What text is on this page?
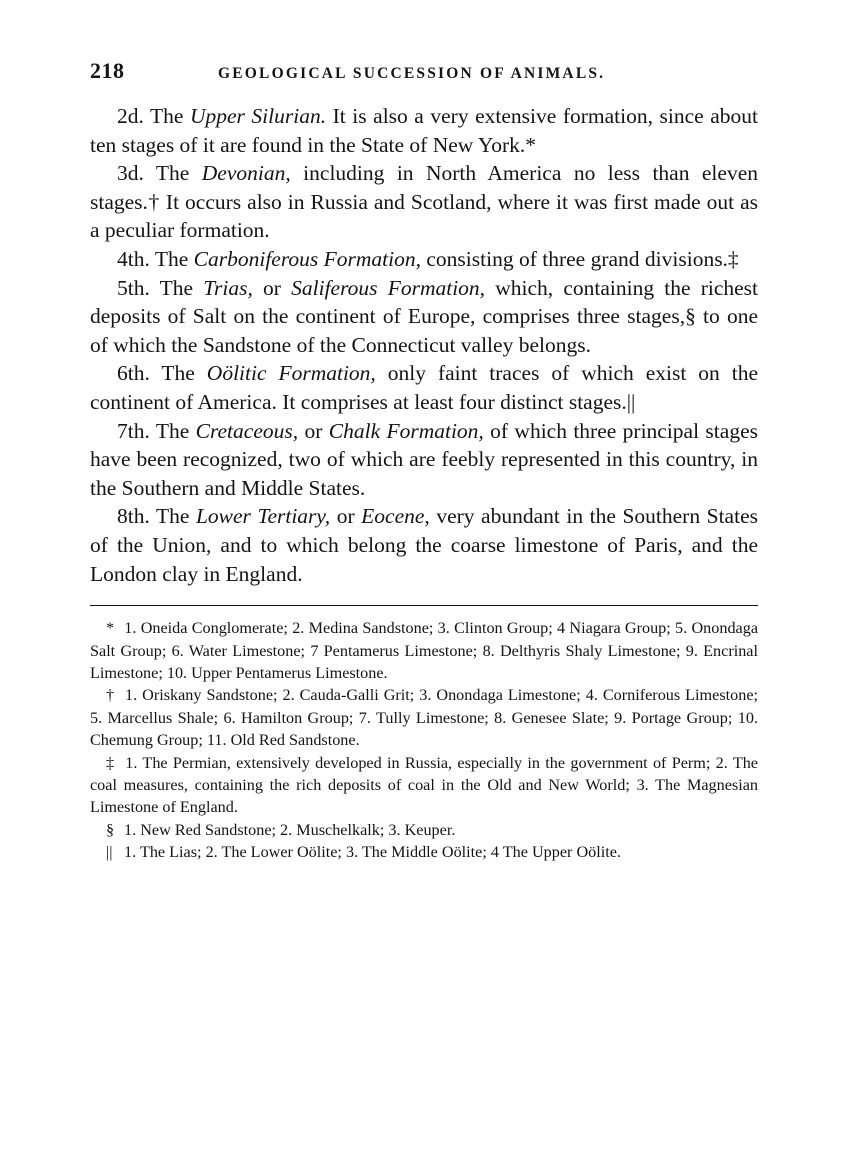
218	GEOLOGICAL SUCCESSION OF ANIMALS.

2d. The Upper Silurian. It is also a very extensive formation, since about ten stages of it are found in the State of New York.*

3d. The Devonian, including in North America no less than eleven stages.† It occurs also in Russia and Scotland, where it was first made out as a peculiar formation.

4th. The Carboniferous Formation, consisting of three grand divisions.‡

5th. The Trias, or Saliferous Formation, which, containing the richest deposits of Salt on the continent of Europe, comprises three stages,§ to one of which the Sandstone of the Connecticut valley belongs.

6th. The Oölitic Formation, only faint traces of which exist on the continent of America. It comprises at least four distinct stages.||

7th. The Cretaceous, or Chalk Formation, of which three principal stages have been recognized, two of which are feebly represented in this country, in the Southern and Middle States.

8th. The Lower Tertiary, or Eocene, very abundant in the Southern States of the Union, and to which belong the coarse limestone of Paris, and the London clay in England.

* 1. Oneida Conglomerate; 2. Medina Sandstone; 3. Clinton Group; 4 Niagara Group; 5. Onondaga Salt Group; 6. Water Limestone; 7 Pentamerus Limestone; 8. Delthyris Shaly Limestone; 9. Encrinal Limestone; 10. Upper Pentamerus Limestone.

† 1. Oriskany Sandstone; 2. Cauda-Galli Grit; 3. Onondaga Limestone; 4. Corniferous Limestone; 5. Marcellus Shale; 6. Hamilton Group; 7. Tully Limestone; 8. Genesee Slate; 9. Portage Group; 10. Chemung Group; 11. Old Red Sandstone.

‡ 1. The Permian, extensively developed in Russia, especially in the government of Perm; 2. The coal measures, containing the rich deposits of coal in the Old and New World; 3. The Magnesian Limestone of England.

§ 1. New Red Sandstone; 2. Muschelkalk; 3. Keuper.

|| 1. The Lias; 2. The Lower Oölite; 3. The Middle Oölite; 4 The Upper Oölite.
